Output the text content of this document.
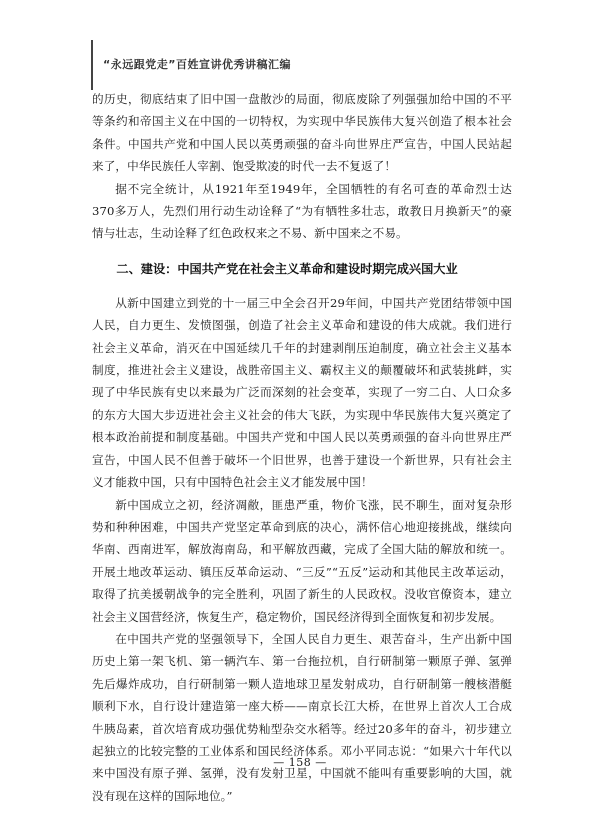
“永远跟党走”百姓宣讲优秀讲稿汇编

的历史，彻底结束了旧中国一盘散沙的局面，彻底废除了列强强加给中国的不平等条约和帝国主义在中国的一切特权，为实现中华民族伟大复兴创造了根本社会条件。中国共产党和中国人民以英勇顽强的奋斗向世界庄严宣告，中国人民站起来了，中华民族任人宰割、饱受欺凌的时代一去不复返了！

据不完全统计，从1921年至1949年，全国牺牲的有名可查的革命烈士达370多万人，先烈们用行动生动诠释了“为有牺牲多壮志，敢教日月换新天”的豪情与壮志，生动诠释了红色政权来之不易、新中国来之不易。

二、建设：中国共产党在社会主义革命和建设时期完成兴国大业

从新中国建立到党的十一届三中全会召开29年间，中国共产党团结带领中国人民，自力更生、发愤图强，创造了社会主义革命和建设的伟大成就。我们进行社会主义革命，消灭在中国延续几千年的封建剥削压迫制度，确立社会主义基本制度，推进社会主义建设，战胜帝国主义、霸权主义的颠覆破坏和武装挑衅，实现了中华民族有史以来最为广泛而深刻的社会变革，实现了一穷二白、人口众多的东方大国大步迈进社会主义社会的伟大飞跃，为实现中华民族伟大复兴奠定了根本政治前提和制度基础。中国共产党和中国人民以英勇顽强的奋斗向世界庄严宣告，中国人民不但善于破坏一个旧世界，也善于建设一个新世界，只有社会主义才能救中国，只有中国特色社会主义才能发展中国！

新中国成立之初，经济凋敝，匪患严重，物价飞涨，民不聊生，面对复杂形势和种种困难，中国共产党坚定革命到底的决心，满怀信心地迎接挑战，继续向华南、西南进军，解放海南岛，和平解放西藏，完成了全国大陆的解放和统一。开展土地改革运动、镇压反革命运动、“三反”“五反”运动和其他民主改革运动，取得了抗美援朝战争的完全胜利，巩固了新生的人民政权。没收官僚资本，建立社会主义国营经济，恢复生产，稳定物价，国民经济得到全面恢复和初步发展。

在中国共产党的坚强领导下，全国人民自力更生、艰苦奋斗，生产出新中国历史上第一架飞机、第一辆汽车、第一台拖拉机，自行研制第一颗原子弹、氢弹先后爆炸成功，自行研制第一颗人造地球卫星发射成功，自行研制第一艘核潜艇顺利下水，自行设计建造第一座大桥——南京长江大桥，在世界上首次人工合成牛胰岛素，首次培育成功强优势籼型杂交水稻等。经过20多年的奋斗，初步建立起独立的比较完整的工业体系和国民经济体系。邓小平同志说：“如果六十年代以来中国没有原子弹、氢弹，没有发射卫星，中国就不能叫有重要影响的大国，就没有现在这样的国际地位。”

— 158 —
